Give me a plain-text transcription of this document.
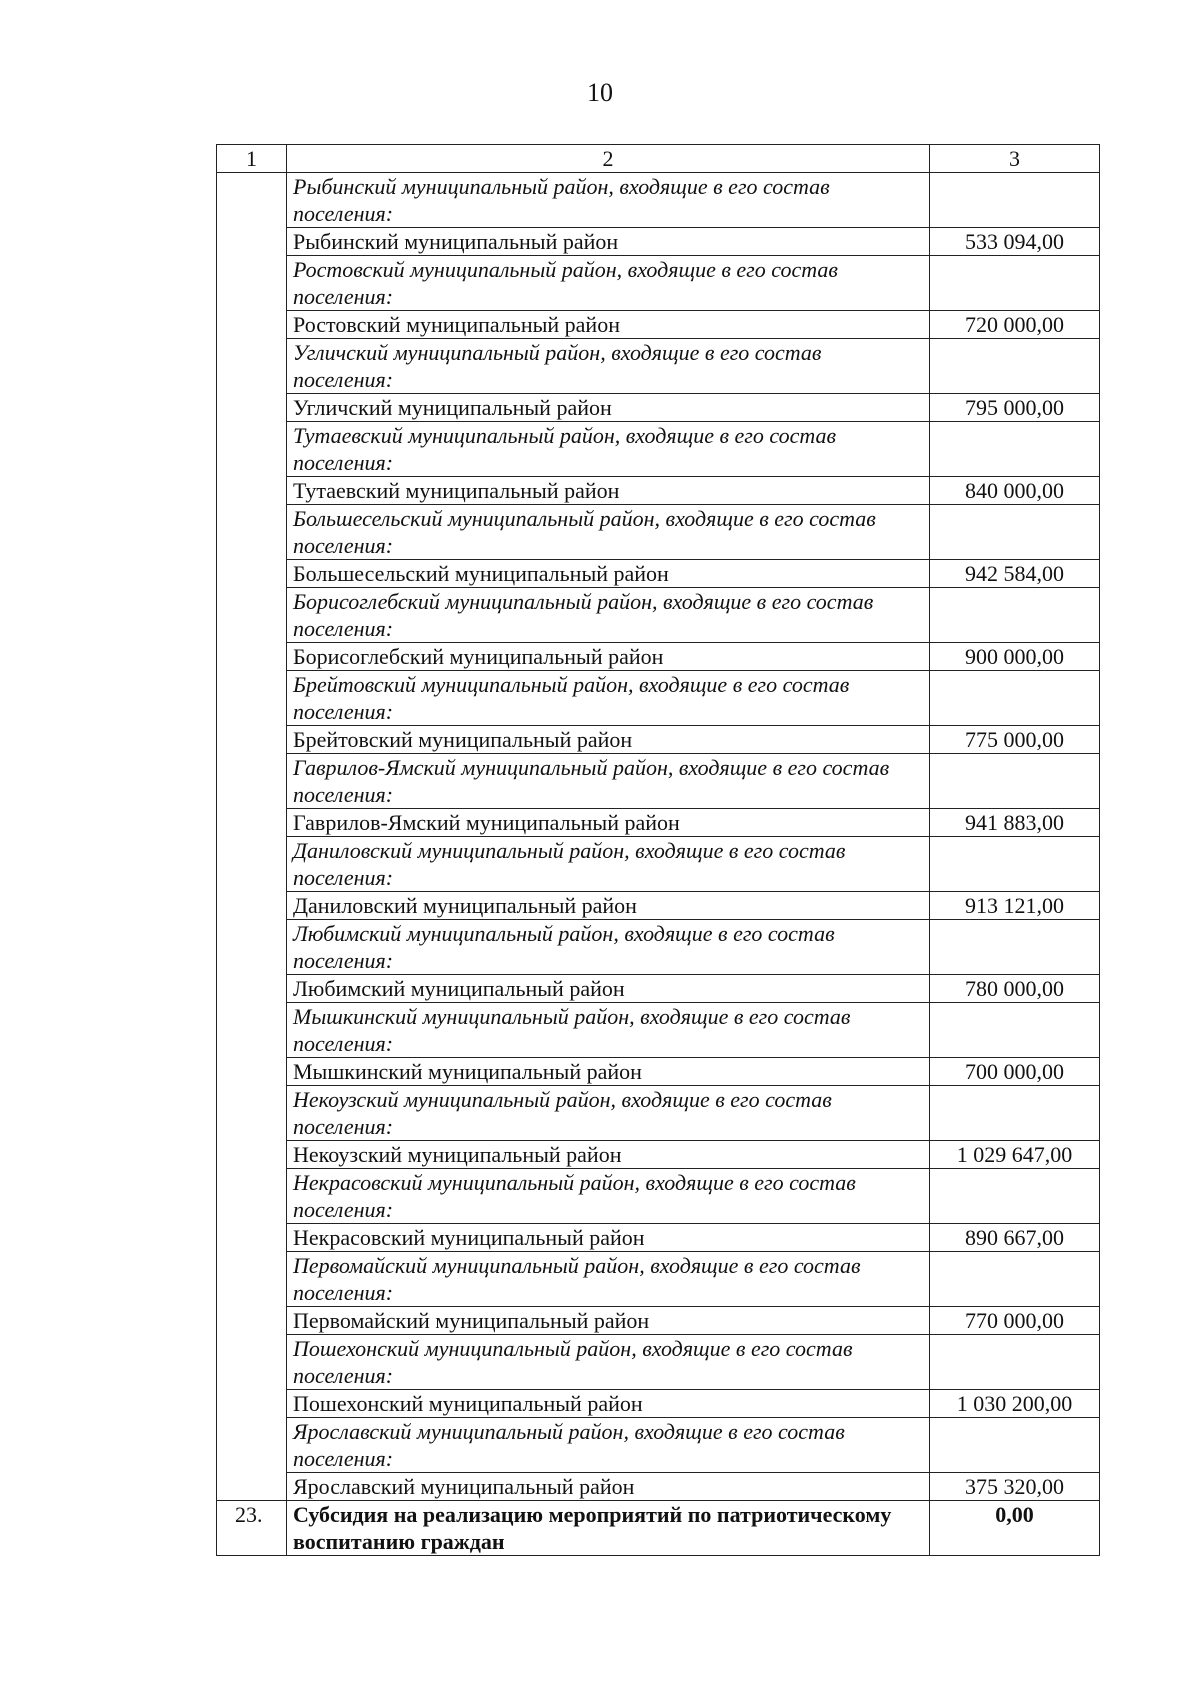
10
1	2	3
	Рыбинский муниципальный район, входящие в его состав поселения:	
	Рыбинский муниципальный район	533 094,00
	Ростовский муниципальный район, входящие в его состав поселения:	
	Ростовский муниципальный район	720 000,00
	Угличский муниципальный район, входящие в его состав поселения:	
	Угличский муниципальный район	795 000,00
	Тутаевский муниципальный район, входящие в его состав поселения:	
	Тутаевский муниципальный район	840 000,00
	Большесельский муниципальный район, входящие в его состав поселения:	
	Большесельский муниципальный район	942 584,00
	Борисоглебский муниципальный район, входящие в его состав поселения:	
	Борисоглебский муниципальный район	900 000,00
	Брейтовский муниципальный район, входящие в его состав поселения:	
	Брейтовский муниципальный район	775 000,00
	Гаврилов-Ямский муниципальный район, входящие в его состав поселения:	
	Гаврилов-Ямский муниципальный район	941 883,00
	Даниловский муниципальный район, входящие в его состав поселения:	
	Даниловский муниципальный район	913 121,00
	Любимский муниципальный район, входящие в его состав поселения:	
	Любимский муниципальный район	780 000,00
	Мышкинский муниципальный район, входящие в его состав поселения:	
	Мышкинский муниципальный район	700 000,00
	Некоузский муниципальный район, входящие в его состав поселения:	
	Некоузский муниципальный район	1 029 647,00
	Некрасовский муниципальный район, входящие в его состав поселения:	
	Некрасовский муниципальный район	890 667,00
	Первомайский муниципальный район, входящие в его состав поселения:	
	Первомайский муниципальный район	770 000,00
	Пошехонский муниципальный район, входящие в его состав поселения:	
	Пошехонский муниципальный район	1 030 200,00
	Ярославский муниципальный район, входящие в его состав поселения:	
	Ярославский муниципальный район	375 320,00
23.	Субсидия на реализацию мероприятий по патриотическому воспитанию граждан	0,00
